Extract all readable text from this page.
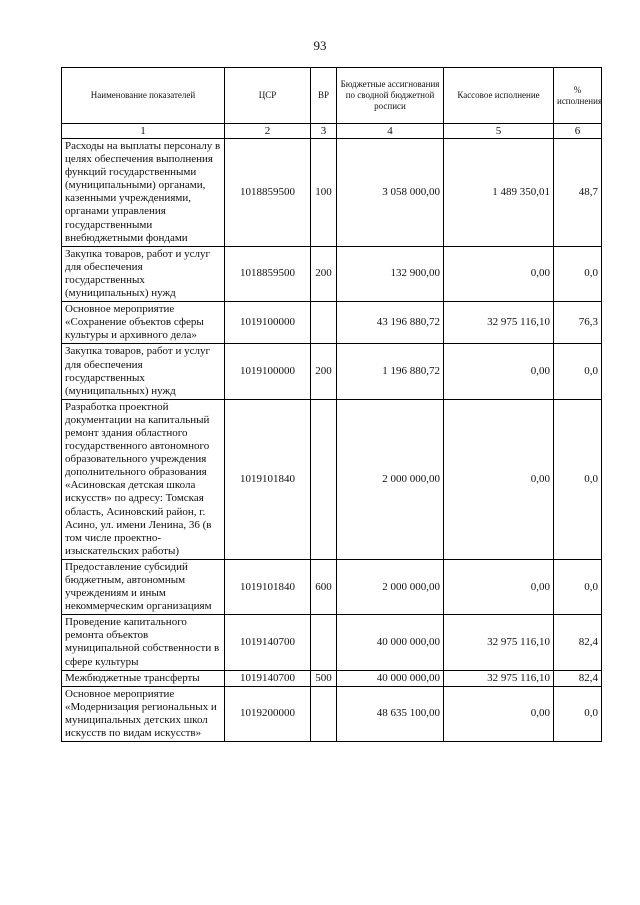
93
Наименование показателей	ЦСР	ВР	Бюджетные ассигнования по сводной бюджетной росписи	Кассовое исполнение	% исполнения
1	2	3	4	5	6
Расходы на выплаты персоналу в целях обеспечения выполнения функций государственными (муниципальными) органами, казенными учреждениями, органами управления государственными внебюджетными фондами	1018859500	100	3 058 000,00	1 489 350,01	48,7
Закупка товаров, работ и услуг для обеспечения государственных (муниципальных) нужд	1018859500	200	132 900,00	0,00	0,0
Основное мероприятие «Сохранение объектов сферы культуры и архивного дела»	1019100000		43 196 880,72	32 975 116,10	76,3
Закупка товаров, работ и услуг для обеспечения государственных (муниципальных) нужд	1019100000	200	1 196 880,72	0,00	0,0
Разработка проектной документации на капитальный ремонт здания областного государственного автономного образовательного учреждения дополнительного образования «Асиновская детская школа искусств» по адресу: Томская область, Асиновский район, г. Асино, ул. имени Ленина, 36 (в том числе проектно-изыскательских работы)	1019101840		2 000 000,00	0,00	0,0
Предоставление субсидий бюджетным, автономным учреждениям и иным некоммерческим организациям	1019101840	600	2 000 000,00	0,00	0,0
Проведение капитального ремонта объектов муниципальной собственности в сфере культуры	1019140700		40 000 000,00	32 975 116,10	82,4
Межбюджетные трансферты	1019140700	500	40 000 000,00	32 975 116,10	82,4
Основное мероприятие «Модернизация региональных и муниципальных детских школ искусств по видам искусств»	1019200000		48 635 100,00	0,00	0,0
